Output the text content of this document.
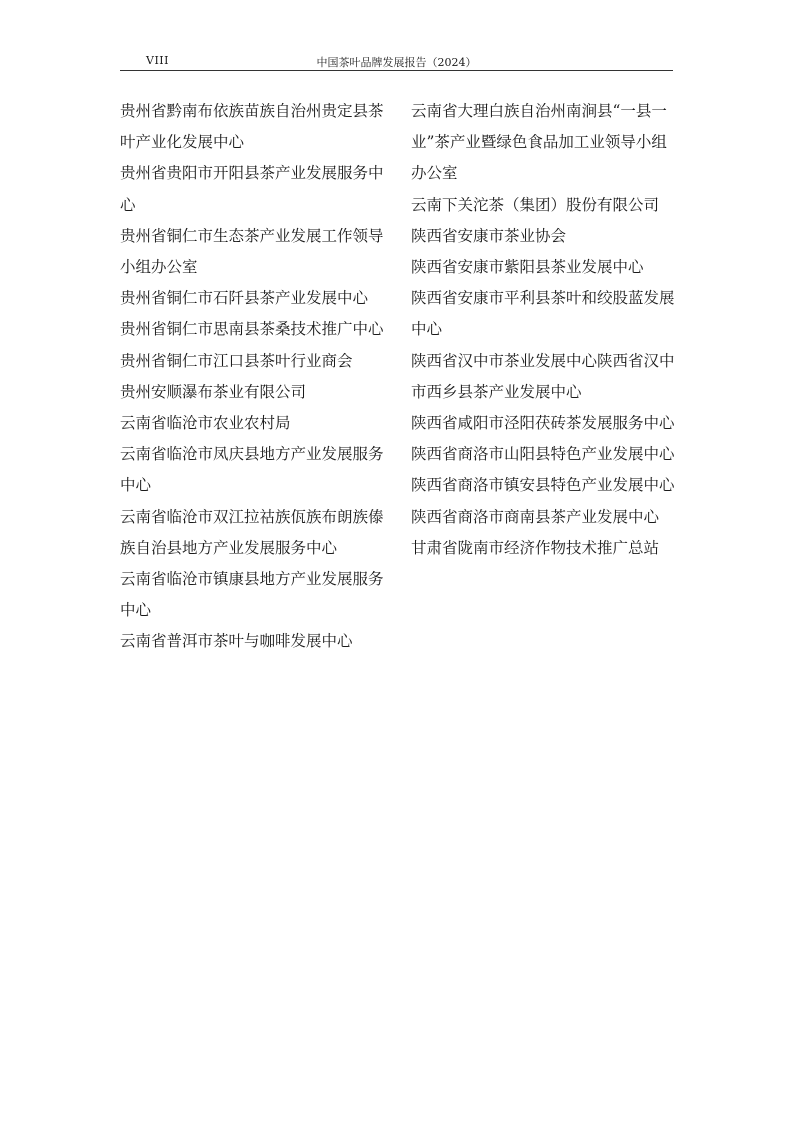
VIII	中国茶叶品牌发展报告（2024）

贵州省黔南布依族苗族自治州贵定县茶叶产业化发展中心

贵州省贵阳市开阳县茶产业发展服务中心

贵州省铜仁市生态茶产业发展工作领导小组办公室

贵州省铜仁市石阡县茶产业发展中心

贵州省铜仁市思南县茶桑技术推广中心

贵州省铜仁市江口县茶叶行业商会

贵州安顺瀑布茶业有限公司

云南省临沧市农业农村局

云南省临沧市凤庆县地方产业发展服务中心

云南省临沧市双江拉祜族佤族布朗族傣族自治县地方产业发展服务中心

云南省临沧市镇康县地方产业发展服务中心

云南省普洱市茶叶与咖啡发展中心

云南省大理白族自治州南涧县“一县一业”茶产业暨绿色食品加工业领导小组办公室

云南下关沱茶（集团）股份有限公司

陕西省安康市茶业协会

陕西省安康市紫阳县茶业发展中心

陕西省安康市平利县茶叶和绞股蓝发展中心

陕西省汉中市茶业发展中心陕西省汉中市西乡县茶产业发展中心

陕西省咸阳市泾阳茯砖茶发展服务中心

陕西省商洛市山阳县特色产业发展中心

陕西省商洛市镇安县特色产业发展中心

陕西省商洛市商南县茶产业发展中心

甘肃省陇南市经济作物技术推广总站
